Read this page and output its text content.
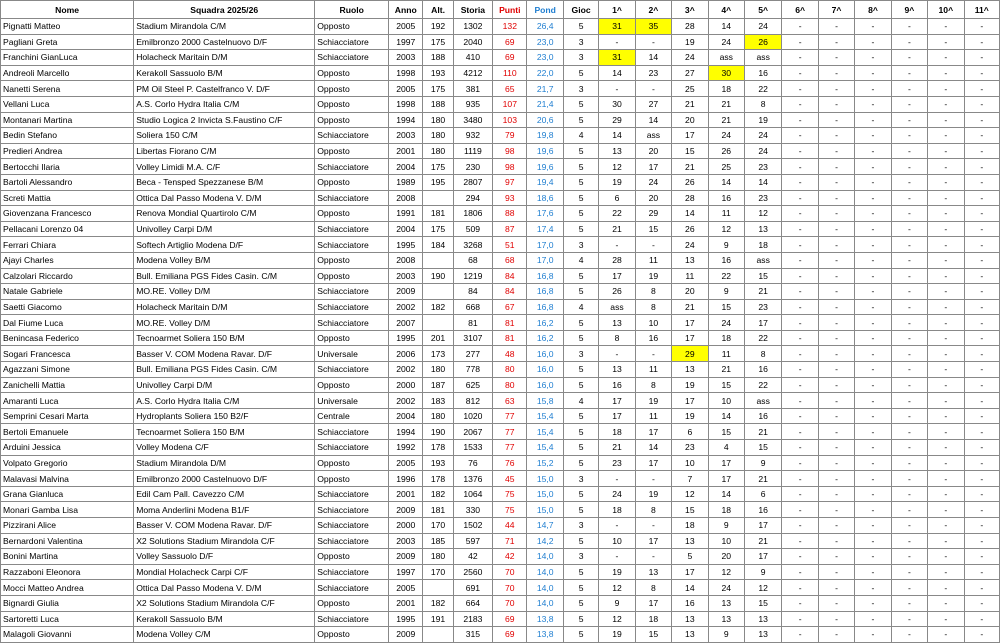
Nome	Squadra 2025/26	Ruolo	Anno	Alt.	Storia	Punti	Pond	Gioc	1^	2^	3^	4^	5^	6^	7^	8^	9^	10^	11^
Pignatti Matteo	Stadium Mirandola C/M	Opposto	2005	192	1302	132	26,4	5	31	35	28	14	24	-	-	-	-	-	-
Pagliani Greta	Emilbronzo 2000 Castelnuovo D/F	Schiacciatore	1997	175	2040	69	23,0	3	-	-	19	24	26	-	-	-	-	-	-
Franchini GianLuca	Holacheck Maritain D/M	Schiacciatore	2003	188	410	69	23,0	3	31	14	24	ass	ass	-	-	-	-	-	-
Andreoli Marcello	Kerakoll Sassuolo B/M	Opposto	1998	193	4212	110	22,0	5	14	23	27	30	16	-	-	-	-	-	-
Nanetti Serena	PM Oil Steel P. Castelfranco V. D/F	Opposto	2005	175	381	65	21,7	3	-	-	25	18	22	-	-	-	-	-	-
Vellani Luca	A.S. Corlo Hydra Italia C/M	Opposto	1998	188	935	107	21,4	5	30	27	21	21	8	-	-	-	-	-	-
Montanari Martina	Studio Logica 2 Invicta S.Faustino C/F	Opposto	1994	180	3480	103	20,6	5	29	14	20	21	19	-	-	-	-	-	-
Bedin Stefano	Soliera 150 C/M	Schiacciatore	2003	180	932	79	19,8	4	14	ass	17	24	24	-	-	-	-	-	-
Predieri Andrea	Libertas Fiorano C/M	Opposto	2001	180	1119	98	19,6	5	13	20	15	26	24	-	-	-	-	-	-
Bertocchi Ilaria	Volley Limidi M.A. C/F	Schiacciatore	2004	175	230	98	19,6	5	12	17	21	25	23	-	-	-	-	-	-
Bartoli Alessandro	Beca - Tensped Spezzanese B/M	Opposto	1989	195	2807	97	19,4	5	19	24	26	14	14	-	-	-	-	-	-
Screti Mattia	Ottica Dal Passo Modena V. D/M	Schiacciatore	2008		294	93	18,6	5	6	20	28	16	23	-	-	-	-	-	-
Giovenzana Francesco	Renova Mondial Quartirolo C/M	Opposto	1991	181	1806	88	17,6	5	22	29	14	11	12	-	-	-	-	-	-
Pellacani Lorenzo 04	Univolley Carpi D/M	Schiacciatore	2004	175	509	87	17,4	5	21	15	26	12	13	-	-	-	-	-	-
Ferrari Chiara	Softech Artiglio Modena D/F	Schiacciatore	1995	184	3268	51	17,0	3	-	-	24	9	18	-	-	-	-	-	-
Ajayi Charles	Modena Volley B/M	Opposto	2008		68	68	17,0	4	28	11	13	16	ass	-	-	-	-	-	-
Calzolari Riccardo	Bull. Emiliana PGS Fides Casin. C/M	Opposto	2003	190	1219	84	16,8	5	17	19	11	22	15	-	-	-	-	-	-
Natale Gabriele	MO.RE. Volley D/M	Schiacciatore	2009		84	84	16,8	5	26	8	20	9	21	-	-	-	-	-	-
Saetti Giacomo	Holacheck Maritain D/M	Schiacciatore	2002	182	668	67	16,8	4	ass	8	21	15	23	-	-	-	-	-	-
Dal Fiume Luca	MO.RE. Volley D/M	Schiacciatore	2007		81	81	16,2	5	13	10	17	24	17	-	-	-	-	-	-
Benincasa Federico	Tecnoarmet Soliera 150 B/M	Opposto	1995	201	3107	81	16,2	5	8	16	17	18	22	-	-	-	-	-	-
Sogari Francesca	Basser V. COM Modena Ravar. D/F	Universale	2006	173	277	48	16,0	3	-	-	29	11	8	-	-	-	-	-	-
Agazzani Simone	Bull. Emiliana PGS Fides Casin. C/M	Schiacciatore	2002	180	778	80	16,0	5	13	11	13	21	16	-	-	-	-	-	-
Zanichelli Mattia	Univolley Carpi D/M	Opposto	2000	187	625	80	16,0	5	16	8	19	15	22	-	-	-	-	-	-
Amaranti Luca	A.S. Corlo Hydra Italia C/M	Universale	2002	183	812	63	15,8	4	17	19	17	10	ass	-	-	-	-	-	-
Semprini Cesari Marta	Hydroplants Soliera 150 B2/F	Centrale	2004	180	1020	77	15,4	5	17	11	19	14	16	-	-	-	-	-	-
Bertoli Emanuele	Tecnoarmet Soliera 150 B/M	Schiacciatore	1994	190	2067	77	15,4	5	18	17	6	15	21	-	-	-	-	-	-
Arduini Jessica	Volley Modena C/F	Schiacciatore	1992	178	1533	77	15,4	5	21	14	23	4	15	-	-	-	-	-	-
Volpato Gregorio	Stadium Mirandola D/M	Opposto	2005	193	76	76	15,2	5	23	17	10	17	9	-	-	-	-	-	-
Malavasi Malvina	Emilbronzo 2000 Castelnuovo D/F	Opposto	1996	178	1376	45	15,0	3	-	-	7	17	21	-	-	-	-	-	-
Grana Gianluca	Edil Cam Pall. Cavezzo C/M	Schiacciatore	2001	182	1064	75	15,0	5	24	19	12	14	6	-	-	-	-	-	-
Monari Gamba Lisa	Moma Anderlini Modena B1/F	Schiacciatore	2009	181	330	75	15,0	5	18	8	15	18	16	-	-	-	-	-	-
Pizzirani Alice	Basser V. COM Modena Ravar. D/F	Schiacciatore	2000	170	1502	44	14,7	3	-	-	18	9	17	-	-	-	-	-	-
Bernardoni Valentina	X2 Solutions Stadium Mirandola C/F	Schiacciatore	2003	185	597	71	14,2	5	10	17	13	10	21	-	-	-	-	-	-
Bonini Martina	Volley Sassuolo D/F	Opposto	2009	180	42	42	14,0	3	-	-	5	20	17	-	-	-	-	-	-
Razzaboni Eleonora	Mondial Holacheck Carpi C/F	Schiacciatore	1997	170	2560	70	14,0	5	19	13	17	12	9	-	-	-	-	-	-
Mocci Matteo Andrea	Ottica Dal Passo Modena V. D/M	Schiacciatore	2005		691	70	14,0	5	12	8	14	24	12	-	-	-	-	-	-
Bignardi Giulia	X2 Solutions Stadium Mirandola C/F	Opposto	2001	182	664	70	14,0	5	9	17	16	13	15	-	-	-	-	-	-
Sartoretti Luca	Kerakoll Sassuolo B/M	Schiacciatore	1995	191	2183	69	13,8	5	12	18	13	13	13	-	-	-	-	-	-
Malagoli Giovanni	Modena Volley C/M	Opposto	2009		315	69	13,8	5	19	15	13	9	13	-	-	-	-	-	-
